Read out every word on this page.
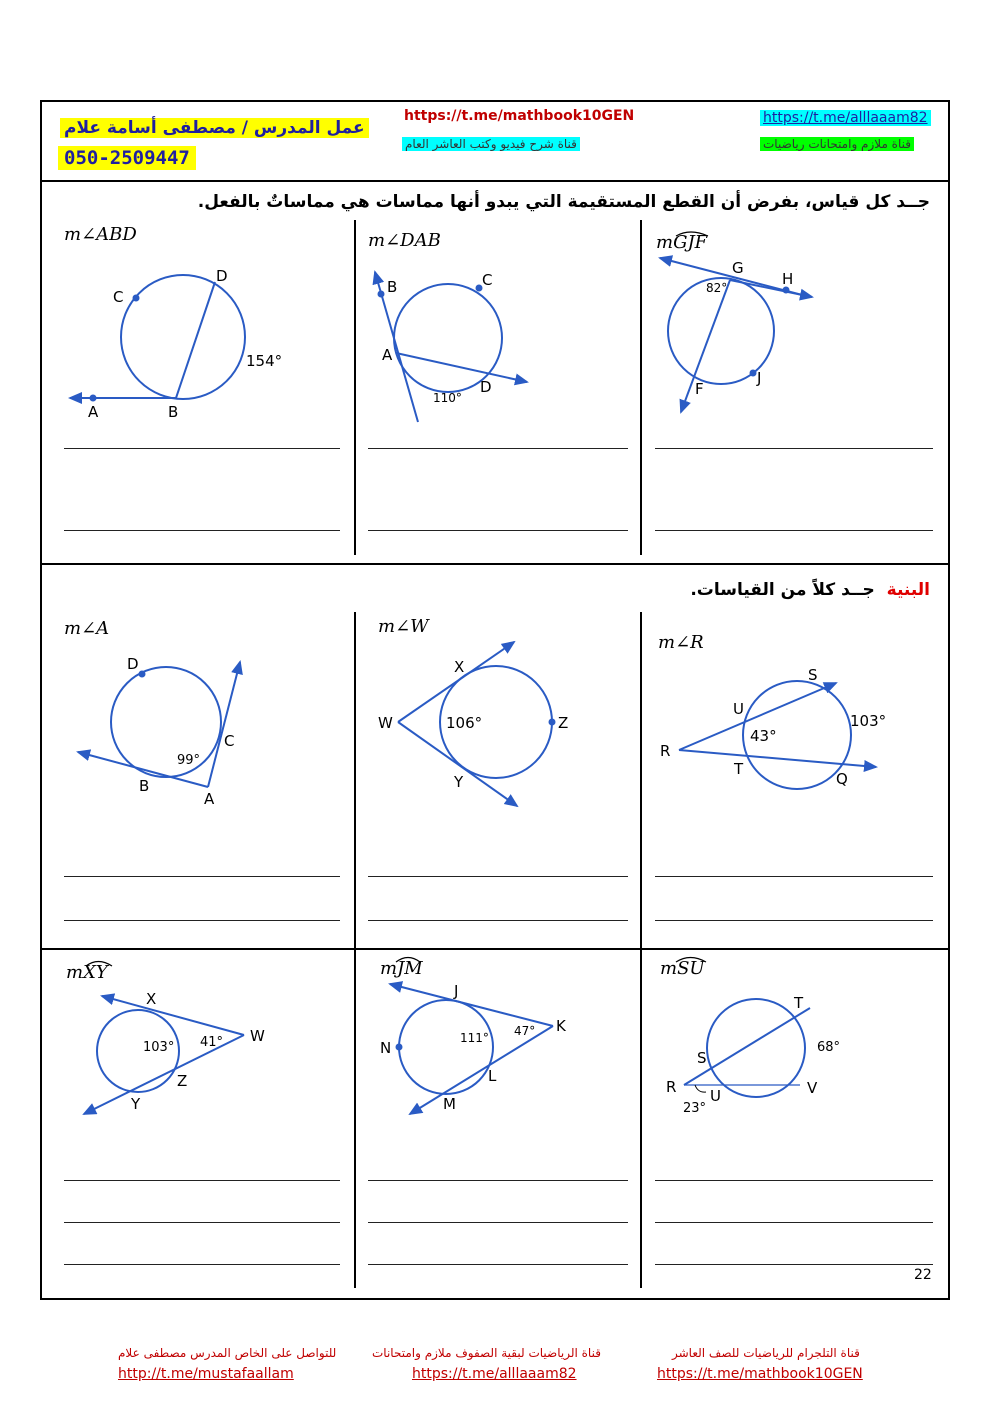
عمل المدرس / مصطفى أسامة علام
050-2509447
https://t.me/mathbook10GEN
قناة شرح فيديو وكتب العاشر العام
https://t.me/alllaaam82
قناة ملازم وامتحانات رياضيات
جــد كل قياس، بفرض أن القطع المستقيمة التي يبدو أنها مماسات هي مماساتٌ بالفعل.
البنية  جــد كلاً من القياسات.
m∠ABD	m∠DAB	mGJF
m∠A	m∠W
m∠R
mXY	mJM	mSU
C
D
A	B
154°
B	C
A
D
110°
G
H
F
J
82°
D
C
B
A
99°
X
W	Z
Y
106°
S
U
R
T
Q
103°
43°
X
W
Z
Y
103° 41°
J
K
N
L
M
111° 47°
T
S
R U	V
68°
23°
22
للتواصل على الخاص المدرس مصطفى علام
http://t.me/mustafaallam
قناة الرياضيات لبقية الصفوف ملازم وامتحانات
https://t.me/alllaaam82
قناة التلجرام للرياضيات للصف العاشر
https://t.me/mathbook10GEN
